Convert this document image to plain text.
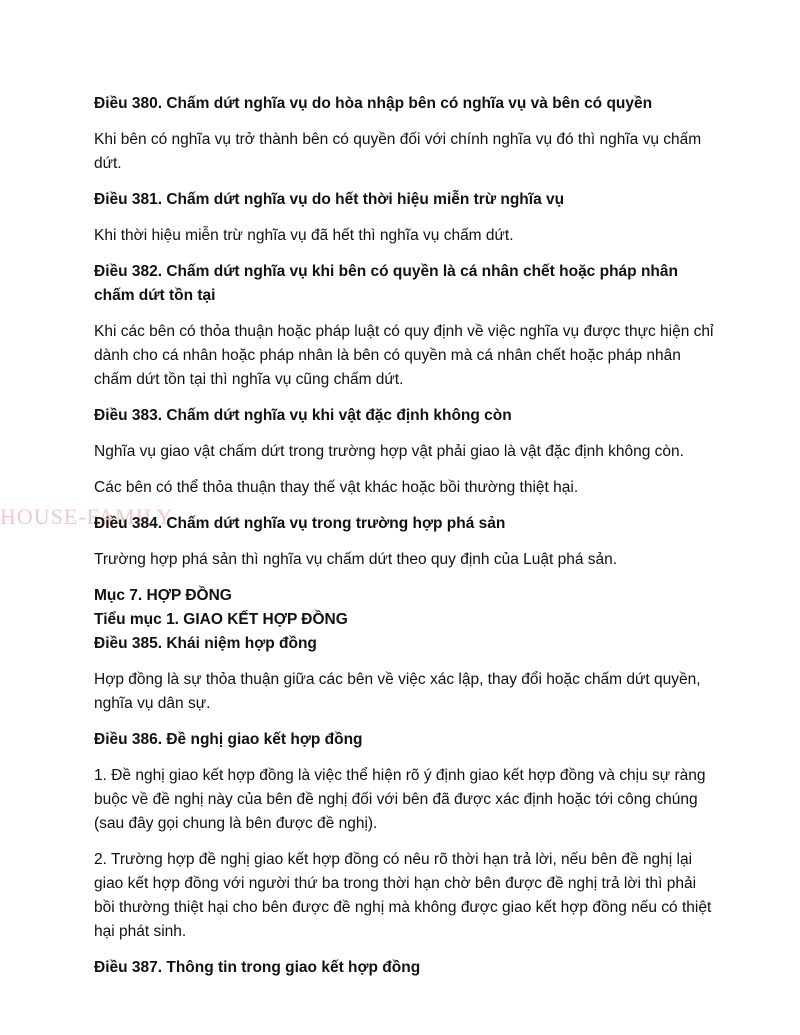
HOUSE-FAMILY
Điều 380. Chấm dứt nghĩa vụ do hòa nhập bên có nghĩa vụ và bên có quyền
Khi bên có nghĩa vụ trở thành bên có quyền đối với chính nghĩa vụ đó thì nghĩa vụ chấm dứt.
Điều 381. Chấm dứt nghĩa vụ do hết thời hiệu miễn trừ nghĩa vụ
Khi thời hiệu miễn trừ nghĩa vụ đã hết thì nghĩa vụ chấm dứt.
Điều 382. Chấm dứt nghĩa vụ khi bên có quyền là cá nhân chết hoặc pháp nhân chấm dứt tồn tại
Khi các bên có thỏa thuận hoặc pháp luật có quy định về việc nghĩa vụ được thực hiện chỉ dành cho cá nhân hoặc pháp nhân là bên có quyền mà cá nhân chết hoặc pháp nhân chấm dứt tồn tại thì nghĩa vụ cũng chấm dứt.
Điều 383. Chấm dứt nghĩa vụ khi vật đặc định không còn
Nghĩa vụ giao vật chấm dứt trong trường hợp vật phải giao là vật đặc định không còn.
Các bên có thể thỏa thuận thay thế vật khác hoặc bồi thường thiệt hại.
Điều 384. Chấm dứt nghĩa vụ trong trường hợp phá sản
Trường hợp phá sản thì nghĩa vụ chấm dứt theo quy định của Luật phá sản.
Mục 7. HỢP ĐỒNG
Tiểu mục 1. GIAO KẾT HỢP ĐỒNG
Điều 385. Khái niệm hợp đồng
Hợp đồng là sự thỏa thuận giữa các bên về việc xác lập, thay đổi hoặc chấm dứt quyền, nghĩa vụ dân sự.
Điều 386. Đề nghị giao kết hợp đồng
1. Đề nghị giao kết hợp đồng là việc thể hiện rõ ý định giao kết hợp đồng và chịu sự ràng buộc về đề nghị này của bên đề nghị đối với bên đã được xác định hoặc tới công chúng (sau đây gọi chung là bên được đề nghị).
2. Trường hợp đề nghị giao kết hợp đồng có nêu rõ thời hạn trả lời, nếu bên đề nghị lại giao kết hợp đồng với người thứ ba trong thời hạn chờ bên được đề nghị trả lời thì phải bồi thường thiệt hại cho bên được đề nghị mà không được giao kết hợp đồng nếu có thiệt hại phát sinh.
Điều 387. Thông tin trong giao kết hợp đồng
